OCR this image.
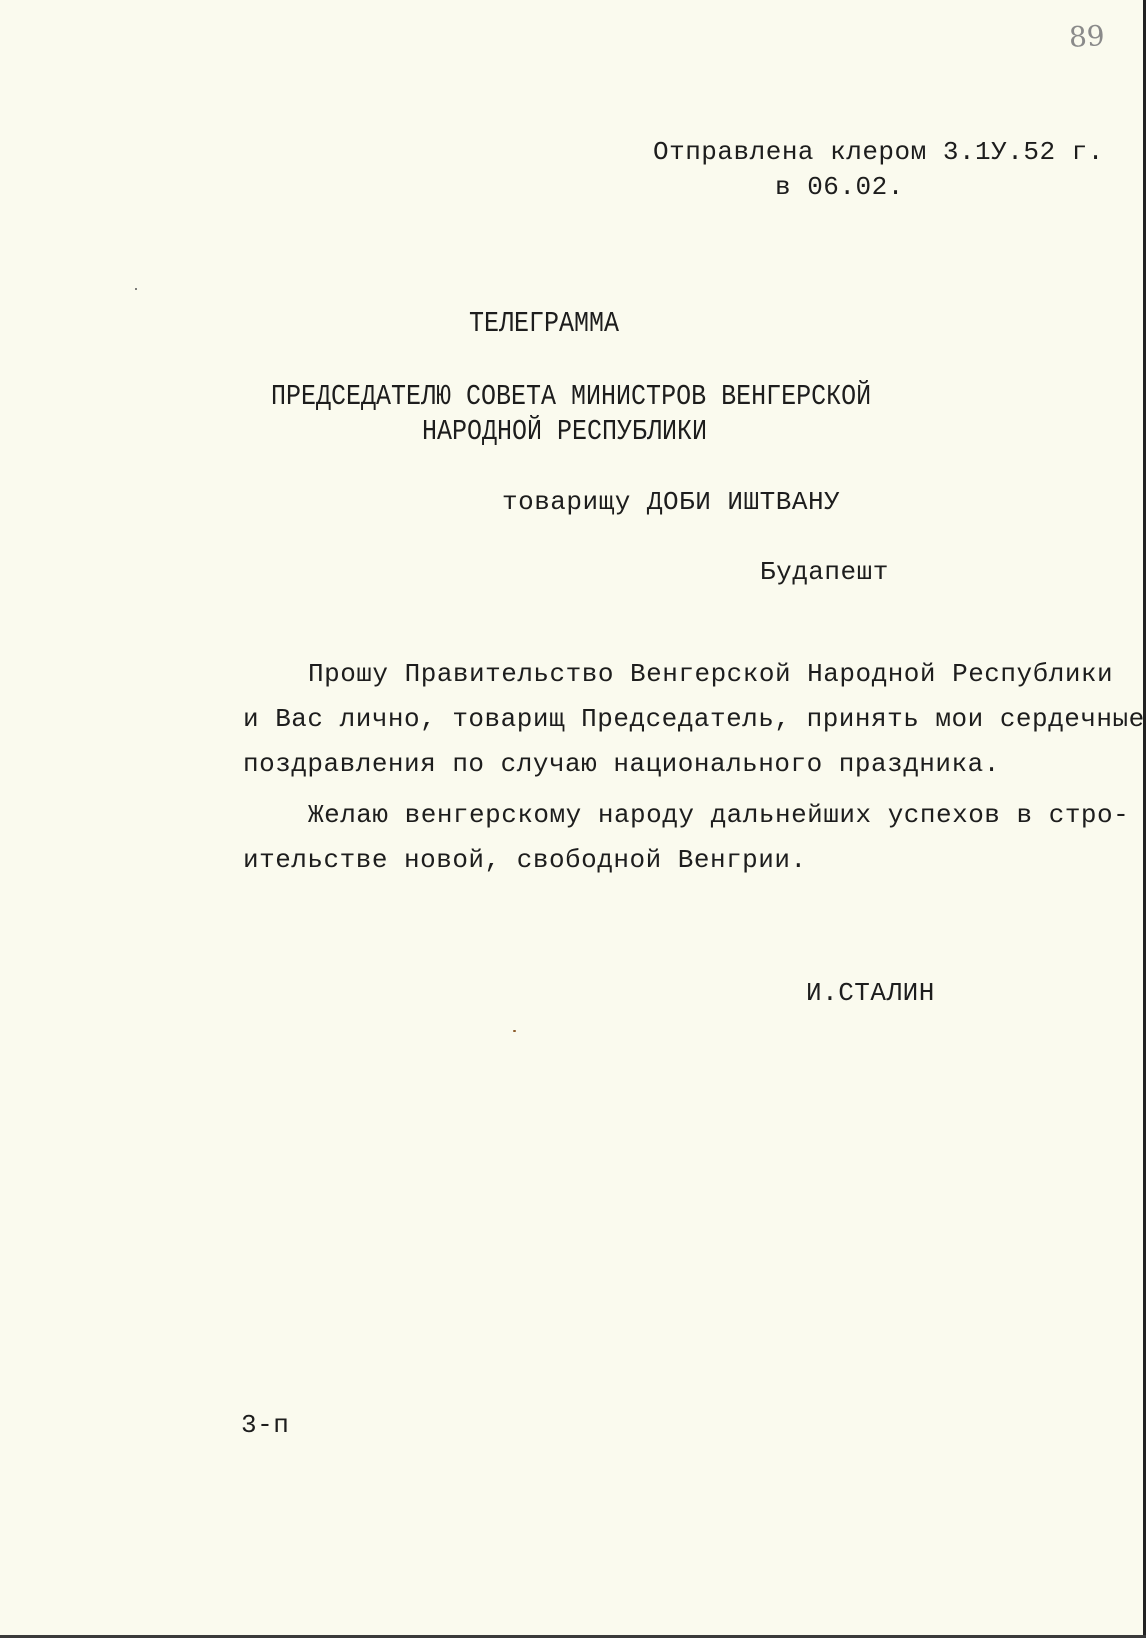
89
Отправлена клером 3.1У.52 г.
в 06.02.
ТЕЛЕГРАММА
ПРЕДСЕДАТЕЛЮ СОВЕТА МИНИСТРОВ ВЕНГЕРСКОЙ
НАРОДНОЙ РЕСПУБЛИКИ
товарищу ДОБИ ИШТВАНУ
Будапешт
Прошу Правительство Венгерской Народной Республики
и Вас лично, товарищ Председатель, принять мои сердечные
поздравления по случаю национального праздника.
Желаю венгерскому народу дальнейших успехов в стро-
ительстве новой, свободной Венгрии.
И.СТАЛИН
3-п
